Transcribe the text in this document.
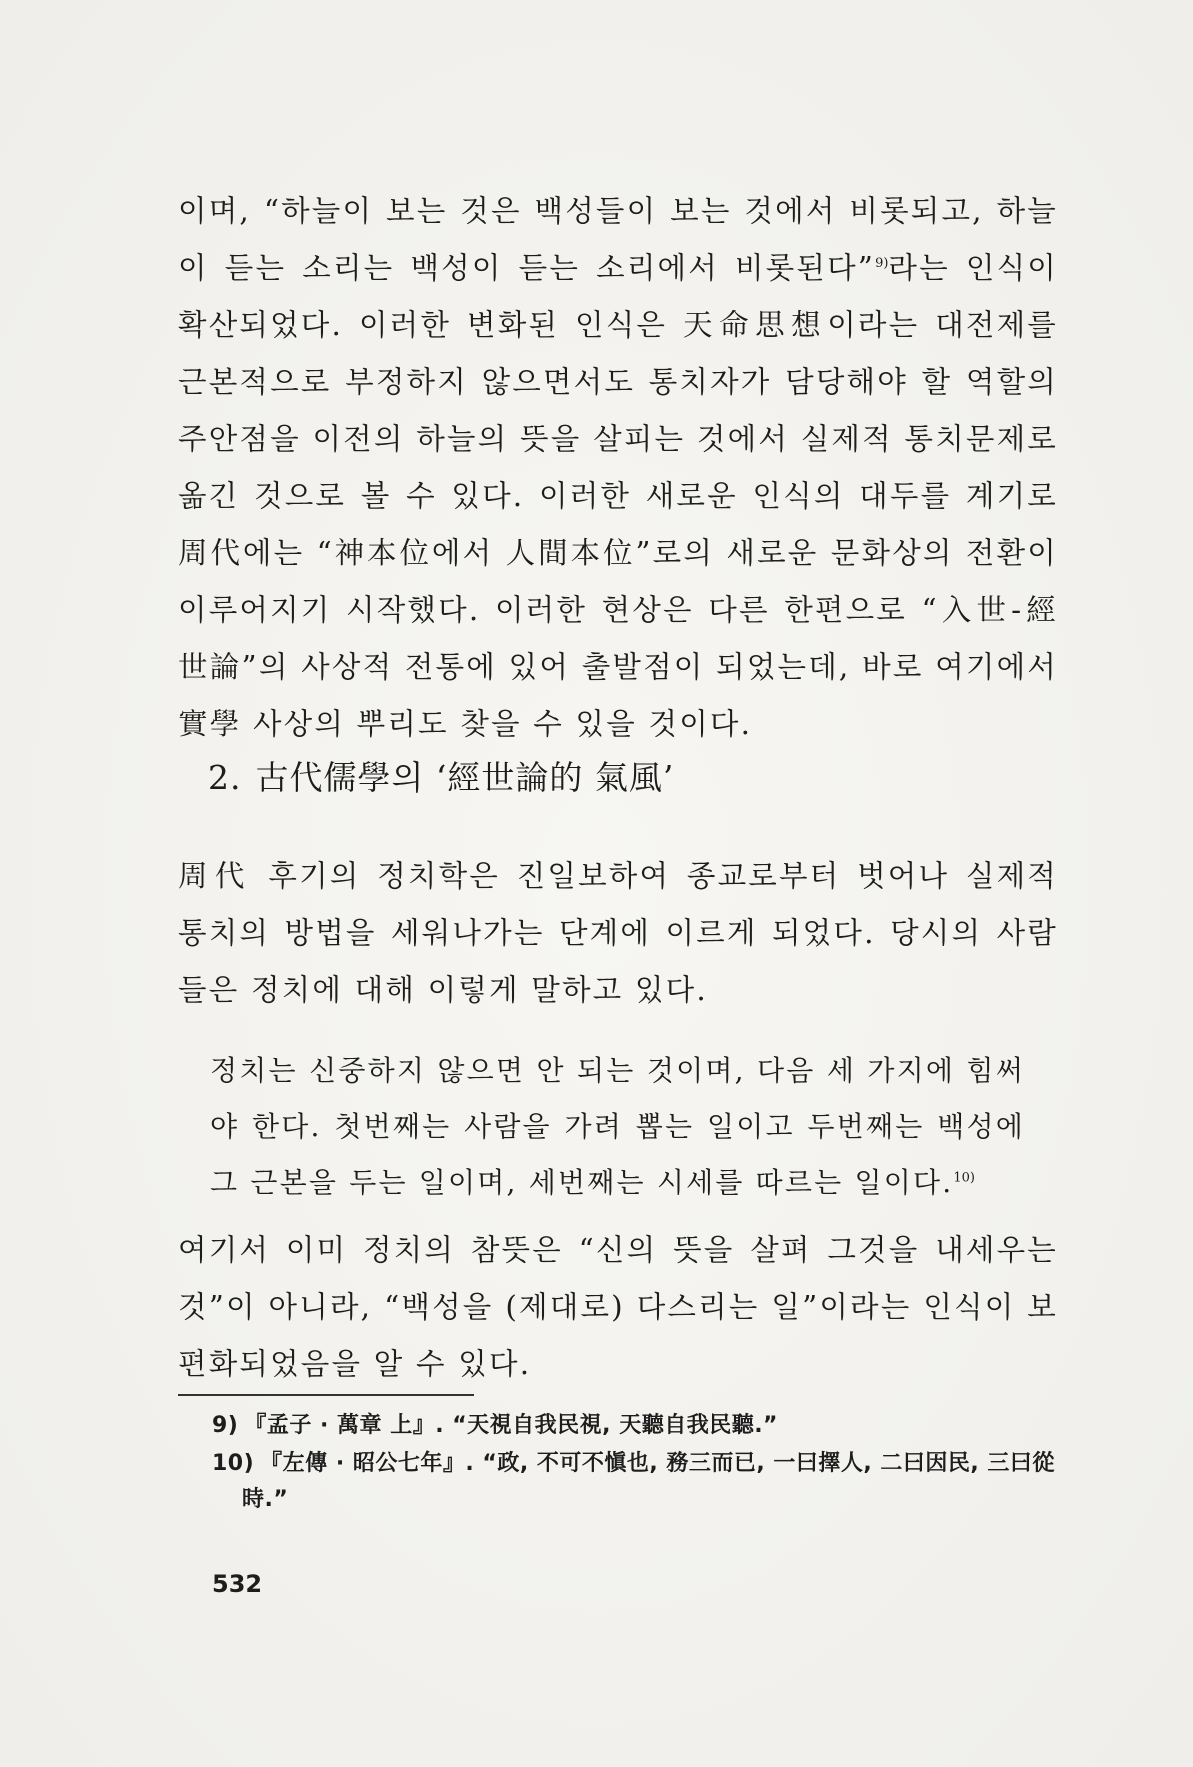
이며, “하늘이 보는 것은 백성들이 보는 것에서 비롯되고, 하늘이 듣는 소리는 백성이 듣는 소리에서 비롯된다”$^{9)}$라는 인식이 확산되었다. 이러한 변화된 인식은 天命思想이라는 대전제를 근본적으로 부정하지 않으면서도 통치자가 담당해야 할 역할의 주안점을 이전의 하늘의 뜻을 살피는 것에서 실제적 통치문제로 옮긴 것으로 볼 수 있다. 이러한 새로운 인식의 대두를 계기로 周代에는 “神本位에서 人間本位”로의 새로운 문화상의 전환이 이루어지기 시작했다. 이러한 현상은 다른 한편으로 “入世-經世論”의 사상적 전통에 있어 출발점이 되었는데, 바로 여기에서 實學 사상의 뿌리도 찾을 수 있을 것이다.

2. 古代儒學의 ‘經世論的 氣風’

周代 후기의 정치학은 진일보하여 종교로부터 벗어나 실제적 통치의 방법을 세워나가는 단계에 이르게 되었다. 당시의 사람들은 정치에 대해 이렇게 말하고 있다.

정치는 신중하지 않으면 안 되는 것이며, 다음 세 가지에 힘써야 한다. 첫번째는 사람을 가려 뽑는 일이고 두번째는 백성에 그 근본을 두는 일이며, 세번째는 시세를 따르는 일이다.$^{10)}$

여기서 이미 정치의 참뜻은 “신의 뜻을 살펴 그것을 내세우는 것”이 아니라, “백성을 (제대로) 다스리는 일”이라는 인식이 보편화되었음을 알 수 있다.

9) 『孟子 · 萬章 上』. “天視自我民視, 天聽自我民聽.”

10) 『左傳 · 昭公七年』. “政, 不可不愼也, 務三而已, 一曰擇人, 二曰因民, 三曰從
時.”

532
